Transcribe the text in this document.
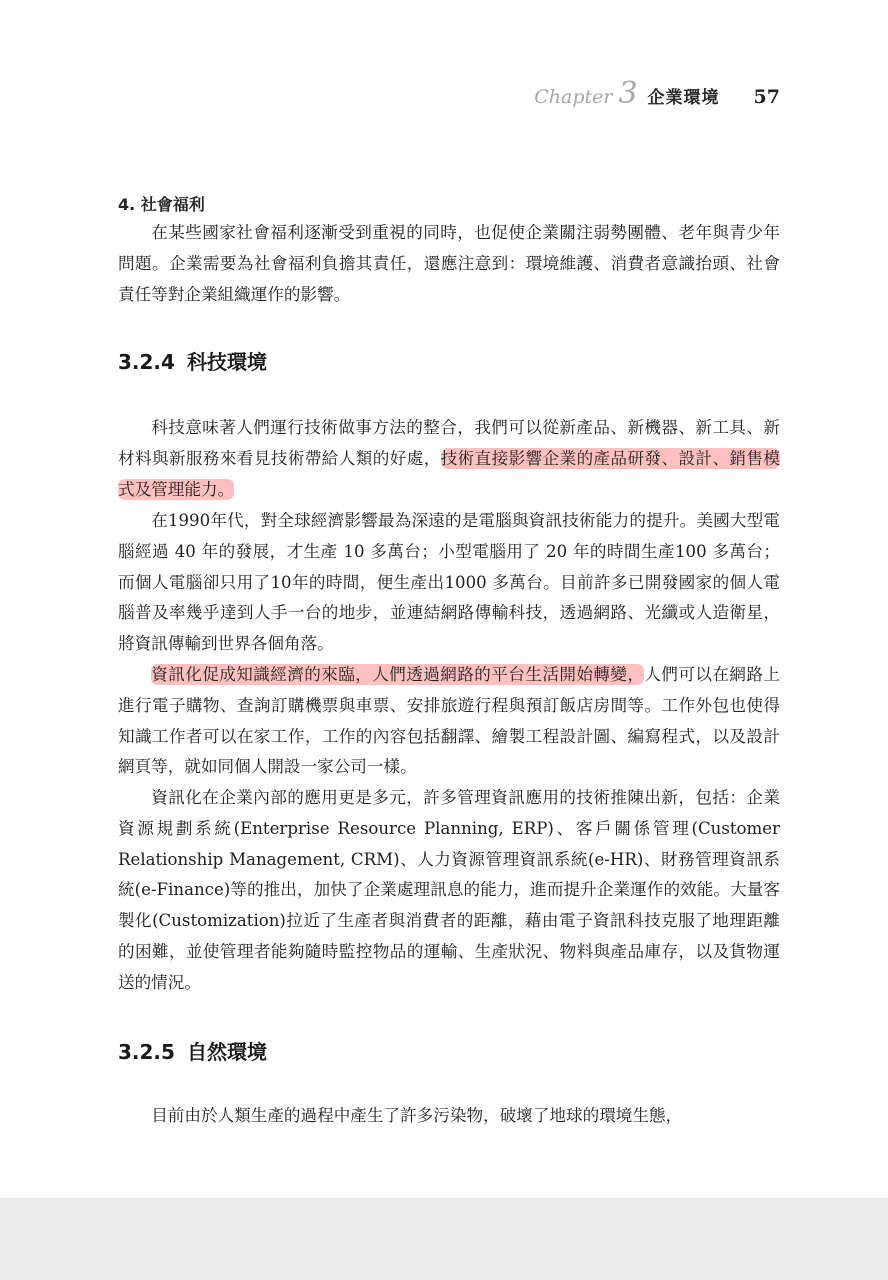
Chapter 3 企業環境 57
4. 社會福利

在某些國家社會福利逐漸受到重視的同時，也促使企業關注弱勢團體、老年與青少年問題。企業需要為社會福利負擔其責任，還應注意到：環境維護、消費者意識抬頭、社會責任等對企業組織運作的影響。

3.2.4 科技環境

科技意味著人們運行技術做事方法的整合，我們可以從新產品、新機器、新工具、新材料與新服務來看見技術帶給人類的好處，技術直接影響企業的產品研發、設計、銷售模式及管理能力。

在1990年代，對全球經濟影響最為深遠的是電腦與資訊技術能力的提升。美國大型電腦經過 40 年的發展，才生產 10 多萬台；小型電腦用了 20 年的時間生產100 多萬台；而個人電腦卻只用了10年的時間，便生產出1000 多萬台。目前許多已開發國家的個人電腦普及率幾乎達到人手一台的地步，並連結網路傳輸科技，透過網路、光纖或人造衛星，將資訊傳輸到世界各個角落。

資訊化促成知識經濟的來臨，人們透過網路的平台生活開始轉變，人們可以在網路上進行電子購物、查詢訂購機票與車票、安排旅遊行程與預訂飯店房間等。工作外包也使得知識工作者可以在家工作，工作的內容包括翻譯、繪製工程設計圖、編寫程式，以及設計網頁等，就如同個人開設一家公司一樣。

資訊化在企業內部的應用更是多元，許多管理資訊應用的技術推陳出新，包括：企業資源規劃系統(Enterprise Resource Planning, ERP)、客戶關係管理(Customer Relationship Management, CRM)、人力資源管理資訊系統(e-HR)、財務管理資訊系統(e-Finance)等的推出，加快了企業處理訊息的能力，進而提升企業運作的效能。大量客製化(Customization)拉近了生產者與消費者的距離，藉由電子資訊科技克服了地理距離的困難，並使管理者能夠隨時監控物品的運輸、生產狀況、物料與產品庫存，以及貨物運送的情況。

3.2.5 自然環境

目前由於人類生產的過程中產生了許多污染物，破壞了地球的環境生態，
